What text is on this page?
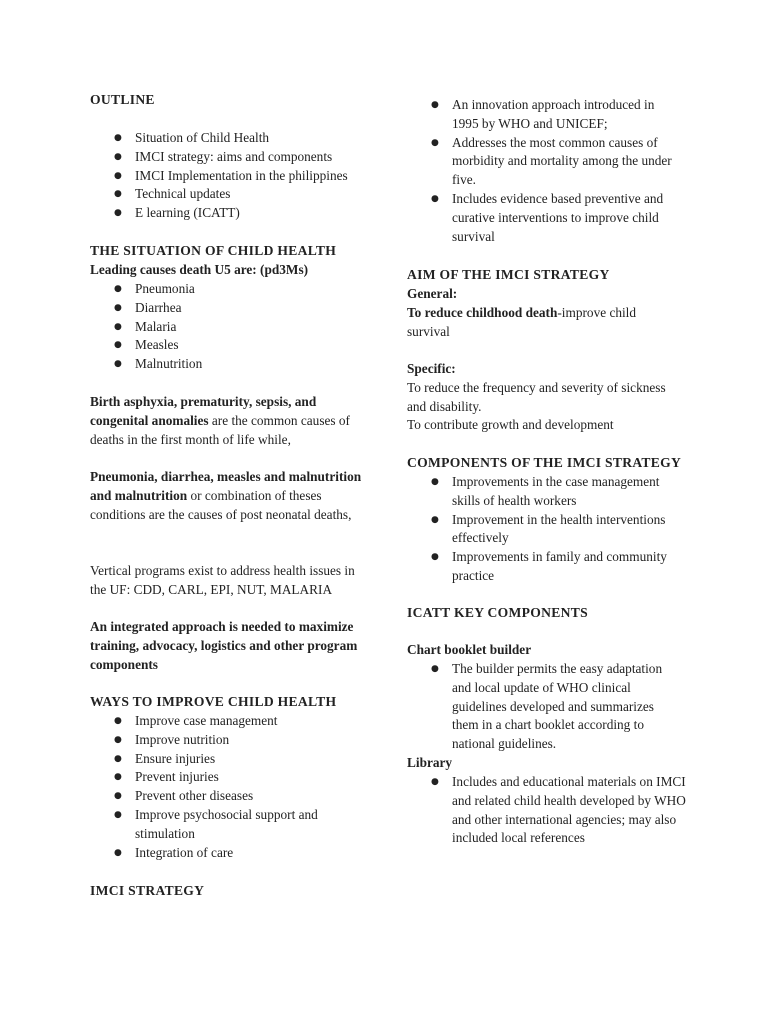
OUTLINE
● Situation of Child Health
● IMCI strategy: aims and components
● IMCI Implementation in the philippines
● Technical updates
● E learning (ICATT)
THE SITUATION OF CHILD HEALTH
Leading causes death U5 are: (pd3Ms)
● Pneumonia
● Diarrhea
● Malaria
● Measles
● Malnutrition
Birth asphyxia, prematurity, sepsis, and congenital anomalies are the common causes of deaths in the first month of life while,
Pneumonia, diarrhea, measles and malnutrition and malnutrition or combination of theses conditions are the causes of post neonatal deaths,
Vertical programs exist to address health issues in the UF: CDD, CARL, EPI, NUT, MALARIA
An integrated approach is needed to maximize training, advocacy, logistics and other program components
WAYS TO IMPROVE CHILD HEALTH
● Improve case management
● Improve nutrition
● Ensure injuries
● Prevent injuries
● Prevent other diseases
● Improve psychosocial support and stimulation
● Integration of care
IMCI STRATEGY
● An innovation approach introduced in 1995 by WHO and UNICEF;
● Addresses the most common causes of morbidity and mortality among the under five.
● Includes evidence based preventive and curative interventions to improve child survival
AIM OF THE IMCI STRATEGY
General:
To reduce childhood death-improve child survival
Specific:
To reduce the frequency and severity of sickness and disability.
To contribute growth and development
COMPONENTS OF THE IMCI STRATEGY
● Improvements in the case management skills of health workers
● Improvement in the health interventions effectively
● Improvements in family and community practice
ICATT KEY COMPONENTS
Chart booklet builder
● The builder permits the easy adaptation and local update of WHO clinical guidelines developed and summarizes them in a chart booklet according to national guidelines.
Library
● Includes and educational materials on IMCI and related child health developed by WHO and other international agencies; may also included local references
